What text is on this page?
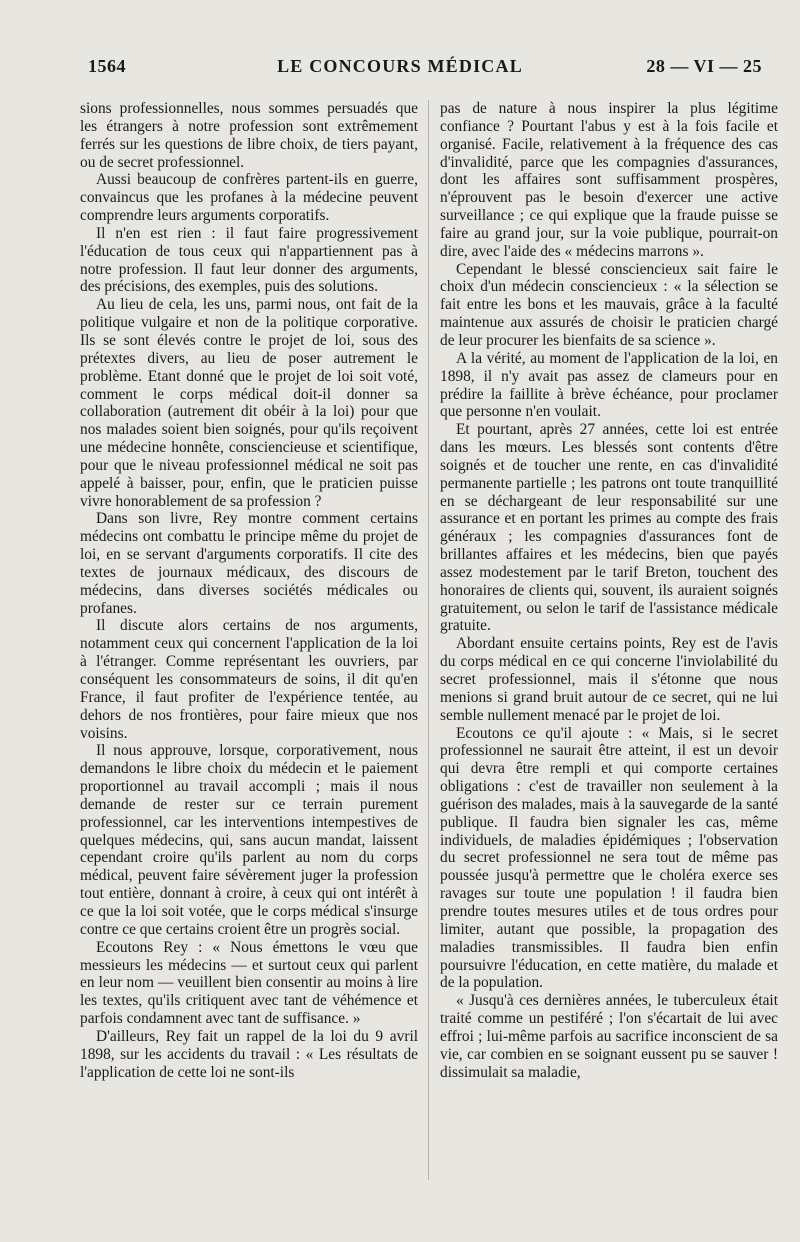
1564	LE CONCOURS MÉDICAL	28 — VI — 25

sions professionnelles, nous sommes persuadés que les étrangers à notre profession sont extrêmement ferrés sur les questions de libre choix, de tiers payant, ou de secret professionnel.

Aussi beaucoup de confrères partent-ils en guerre, convaincus que les profanes à la médecine peuvent comprendre leurs arguments corporatifs.

Il n'en est rien : il faut faire progressivement l'éducation de tous ceux qui n'appartiennent pas à notre profession. Il faut leur donner des arguments, des précisions, des exemples, puis des solutions.

Au lieu de cela, les uns, parmi nous, ont fait de la politique vulgaire et non de la politique corporative. Ils se sont élevés contre le projet de loi, sous des prétextes divers, au lieu de poser autrement le problème. Etant donné que le projet de loi soit voté, comment le corps médical doit-il donner sa collaboration (autrement dit obéir à la loi) pour que nos malades soient bien soignés, pour qu'ils reçoivent une médecine honnête, consciencieuse et scientifique, pour que le niveau professionnel médical ne soit pas appelé à baisser, pour, enfin, que le praticien puisse vivre honorablement de sa profession ?

Dans son livre, Rey montre comment certains médecins ont combattu le principe même du projet de loi, en se servant d'arguments corporatifs. Il cite des textes de journaux médicaux, des discours de médecins, dans diverses sociétés médicales ou profanes.

Il discute alors certains de nos arguments, notamment ceux qui concernent l'application de la loi à l'étranger. Comme représentant les ouvriers, par conséquent les consommateurs de soins, il dit qu'en France, il faut profiter de l'expérience tentée, au dehors de nos frontières, pour faire mieux que nos voisins.

Il nous approuve, lorsque, corporativement, nous demandons le libre choix du médecin et le paiement proportionnel au travail accompli ; mais il nous demande de rester sur ce terrain purement professionnel, car les interventions intempestives de quelques médecins, qui, sans aucun mandat, laissent cependant croire qu'ils parlent au nom du corps médical, peuvent faire sévèrement juger la profession tout entière, donnant à croire, à ceux qui ont intérêt à ce que la loi soit votée, que le corps médical s'insurge contre ce que certains croient être un progrès social.

Ecoutons Rey : « Nous émettons le vœu que messieurs les médecins — et surtout ceux qui parlent en leur nom — veuillent bien consentir au moins à lire les textes, qu'ils critiquent avec tant de véhémence et parfois condamnent avec tant de suffisance. »

D'ailleurs, Rey fait un rappel de la loi du 9 avril 1898, sur les accidents du travail : « Les résultats de l'application de cette loi ne sont-ils

pas de nature à nous inspirer la plus légitime confiance ? Pourtant l'abus y est à la fois facile et organisé. Facile, relativement à la fréquence des cas d'invalidité, parce que les compagnies d'assurances, dont les affaires sont suffisamment prospères, n'éprouvent pas le besoin d'exercer une active surveillance ; ce qui explique que la fraude puisse se faire au grand jour, sur la voie publique, pourrait-on dire, avec l'aide des « médecins marrons ».

Cependant le blessé consciencieux sait faire le choix d'un médecin consciencieux : « la sélection se fait entre les bons et les mauvais, grâce à la faculté maintenue aux assurés de choisir le praticien chargé de leur procurer les bienfaits de sa science ».

A la vérité, au moment de l'application de la loi, en 1898, il n'y avait pas assez de clameurs pour en prédire la faillite à brève échéance, pour proclamer que personne n'en voulait.

Et pourtant, après 27 années, cette loi est entrée dans les mœurs. Les blessés sont contents d'être soignés et de toucher une rente, en cas d'invalidité permanente partielle ; les patrons ont toute tranquillité en se déchargeant de leur responsabilité sur une assurance et en portant les primes au compte des frais généraux ; les compagnies d'assurances font de brillantes affaires et les médecins, bien que payés assez modestement par le tarif Breton, touchent des honoraires de clients qui, souvent, ils auraient soignés gratuitement, ou selon le tarif de l'assistance médicale gratuite.

Abordant ensuite certains points, Rey est de l'avis du corps médical en ce qui concerne l'inviolabilité du secret professionnel, mais il s'étonne que nous menions si grand bruit autour de ce secret, qui ne lui semble nullement menacé par le projet de loi.

Ecoutons ce qu'il ajoute : « Mais, si le secret professionnel ne saurait être atteint, il est un devoir qui devra être rempli et qui comporte certaines obligations : c'est de travailler non seulement à la guérison des malades, mais à la sauvegarde de la santé publique. Il faudra bien signaler les cas, même individuels, de maladies épidémiques ; l'observation du secret professionnel ne sera tout de même pas poussée jusqu'à permettre que le choléra exerce ses ravages sur toute une population ! il faudra bien prendre toutes mesures utiles et de tous ordres pour limiter, autant que possible, la propagation des maladies transmissibles. Il faudra bien enfin poursuivre l'éducation, en cette matière, du malade et de la population.

« Jusqu'à ces dernières années, le tuberculeux était traité comme un pestiféré ; l'on s'écartait de lui avec effroi ; lui-même parfois au sacrifice inconscient de sa vie, car combien en se soignant eussent pu se sauver ! dissimulait sa maladie,
